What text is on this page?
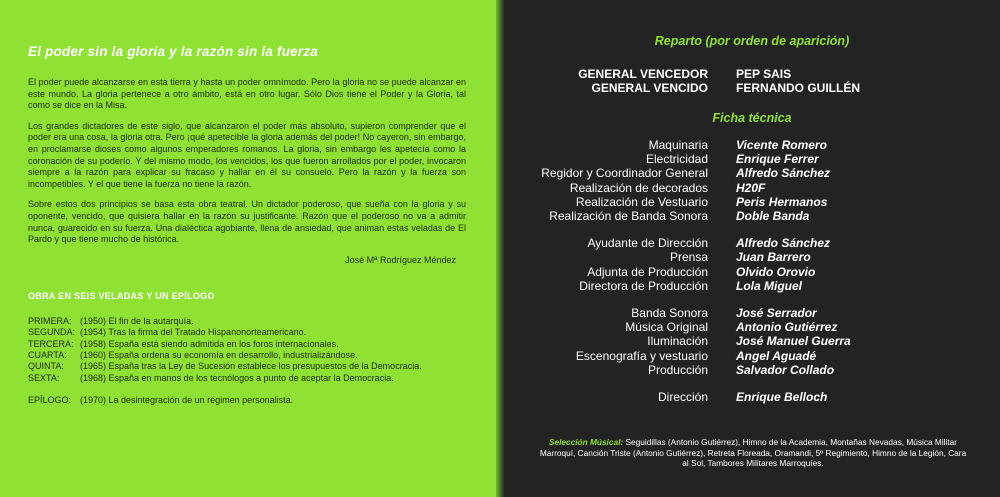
El poder sin la gloria y la razón sin la fuerza

El poder puede alcanzarse en esta tierra y hasta un poder omnímodo. Pero la gloria no se puede alcanzar en este mundo. La gloria pertenece a otro ámbito, está en otro lugar. Sólo Dios tiene el Poder y la Gloria, tal como se dice en la Misa.

Los grandes dictadores de este siglo, que alcanzaron el poder más absoluto, supieron comprender que el poder era una cosa, la gloria otra. Pero ¡qué apetecible la gloria además del poder! No cayeron, sin embargo, en proclamarse dioses como algunos emperadores romanos. La gloria, sin embargo les apetecía como la coronación de su poderío. Y del mismo modo, los vencidos, los que fueron arrollados por el poder, invocaron siempre a la razón para explicar su fracaso y hallar en él su consuelo. Pero la razón y la fuerza son incompetibles. Y el que tiene la fuerza no tiene la razón.

Sobre estos dos principios se basa esta obra teatral. Un dictador poderoso, que sueña con la gloria y su oponente, vencido, que quisiera hallar en la razón su justificante. Razón que el poderoso no va a admitir nunca, guarecido en su fuerza. Una dialéctica agobiante, llena de ansiedad, que animan estas veladas de El Pardo y que tiene mucho de histórica.

José Mª Rodríguez Méndez
OBRA EN SEIS VELADAS Y UN EPÍLOGO
PRIMERA: (1950) El fin de la autarquía.
SEGUNDA: (1954) Tras la firma del Tratado Hispanonorteamericano.
TERCERA: (1958) España está siendo admitida en los foros internacionales.
CUARTA:	(1960) España ordena su economía en desarrollo, industrializándose.
QUINTA:	(1965) España tras la Ley de Sucesión establece los presupuestos de la Democracia.
SEXTA:	(1968) España en manos de los tecnólogos a punto de aceptar la Democracia.
EPÍLOGO: (1970) La desintegración de un régimen personalista.
Reparto (por orden de aparición)
GENERAL VENCEDOR	PEP SAIS
GENERAL VENCIDO	FERNANDO GUILLÉN
Ficha técnica
Maquinaria	Vicente Romero
Electricidad	Enrique Ferrer
Regidor y Coordinador General	Alfredo Sánchez
Realización de decorados	H20F
Realización de Vestuario	Peris Hermanos
Realización de Banda Sonora	Doble Banda
Ayudante de Dirección	Alfredo Sánchez
Prensa	Juan Barrero
Adjunta de Producción	Olvido Orovio
Directora de Producción	Lola Miguel
Banda Sonora	José Serrador
Música Original	Antonio Gutiérrez
Iluminación	José Manuel Guerra
Escenografía y vestuario	Angel Aguadé
Producción	Salvador Collado
Dirección	Enrique Belloch
Selección Músical: Seguidillas (Antonio Gutiérrez), Himno de la Academia, Montañas Nevadas, Música Militar Marroquí, Canción Triste (Antonio Gutiérrez), Retreta Floreada, Oramandi, 5º Regimiento, Himno de la Legión, Cara al Sol, Tambores Militares Marroquíes.
